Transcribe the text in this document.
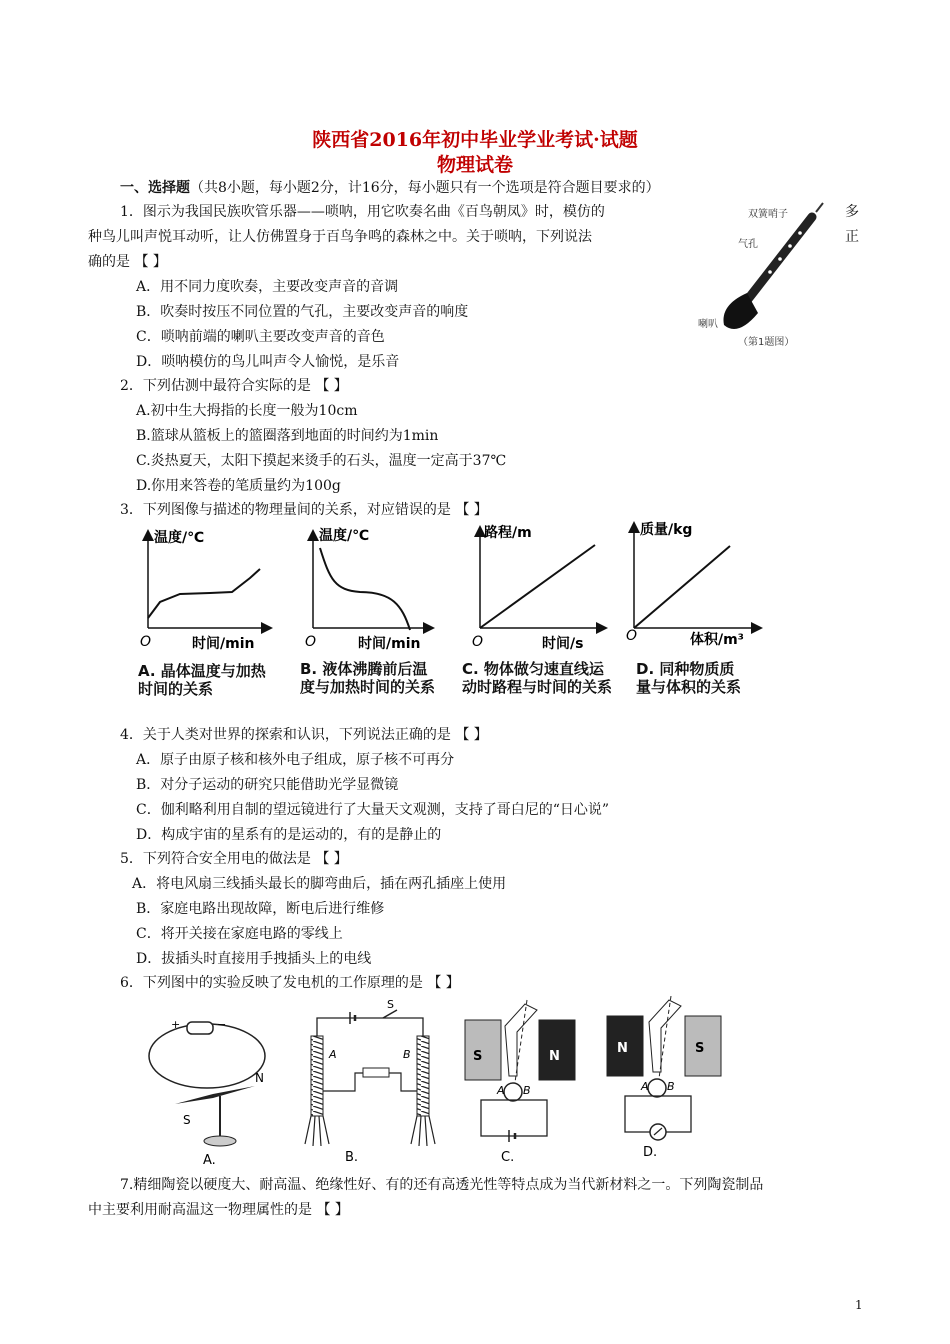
陕西省2016年初中毕业学业考试·试题
物理试卷
一、选择题（共8小题，每小题2分，计16分，每小题只有一个选项是符合题目要求的）
1．图示为我国民族吹管乐器——唢呐，用它吹奏名曲《百鸟朝凤》时，模仿的	多
种鸟儿叫声悦耳动听，让人仿佛置身于百鸟争鸣的森林之中。关于唢呐，下列说法	正
确的是 【 】
A．用不同力度吹奏，主要改变声音的音调
B．吹奏时按压不同位置的气孔，主要改变声音的响度
C．唢呐前端的喇叭主要改变声音的音色
D．唢呐模仿的鸟儿叫声令人愉悦，是乐音
双簧哨子
气孔
喇叭
（第1题图）
2．下列估测中最符合实际的是 【 】
A.初中生大拇指的长度一般为10cm
B.篮球从篮板上的篮圈落到地面的时间约为1min
C.炎热夏天，太阳下摸起来烫手的石头，温度一定高于37℃
D.你用来答卷的笔质量约为100g
3．下列图像与描述的物理量间的关系，对应错误的是 【 】
温度/℃
O	时间/min
温度/℃
O	时间/min
路程/m
O	时间/s
质量/kg
O	体积/m³
A. 晶体温度与加热时间的关系
B. 液体沸腾前后温度与加热时间的关系
C. 物体做匀速直线运动时路程与时间的关系
D. 同种物质质量与体积的关系
4．关于人类对世界的探索和认识，下列说法正确的是 【 】
A．原子由原子核和核外电子组成，原子核不可再分
B．对分子运动的研究只能借助光学显微镜
C．伽利略利用自制的望远镜进行了大量天文观测，支持了哥白尼的“日心说”
D．构成宇宙的星系有的是运动的，有的是静止的
5．下列符合安全用电的做法是 【 】
A．将电风扇三线插头最长的脚弯曲后，插在两孔插座上使用
B．家庭电路出现故障，断电后进行维修
C．将开关接在家庭电路的零线上
D．拔插头时直接用手拽插头上的电线
6．下列图中的实验反映了发电机的工作原理的是 【 】
+	−
S
N
A.
S
A	B
B.
S	N
A B
C.
N	S
A B
D.
7.精细陶瓷以硬度大、耐高温、绝缘性好、有的还有高透光性等特点成为当代新材料之一。下列陶瓷制品
中主要利用耐高温这一物理属性的是 【 】
1
